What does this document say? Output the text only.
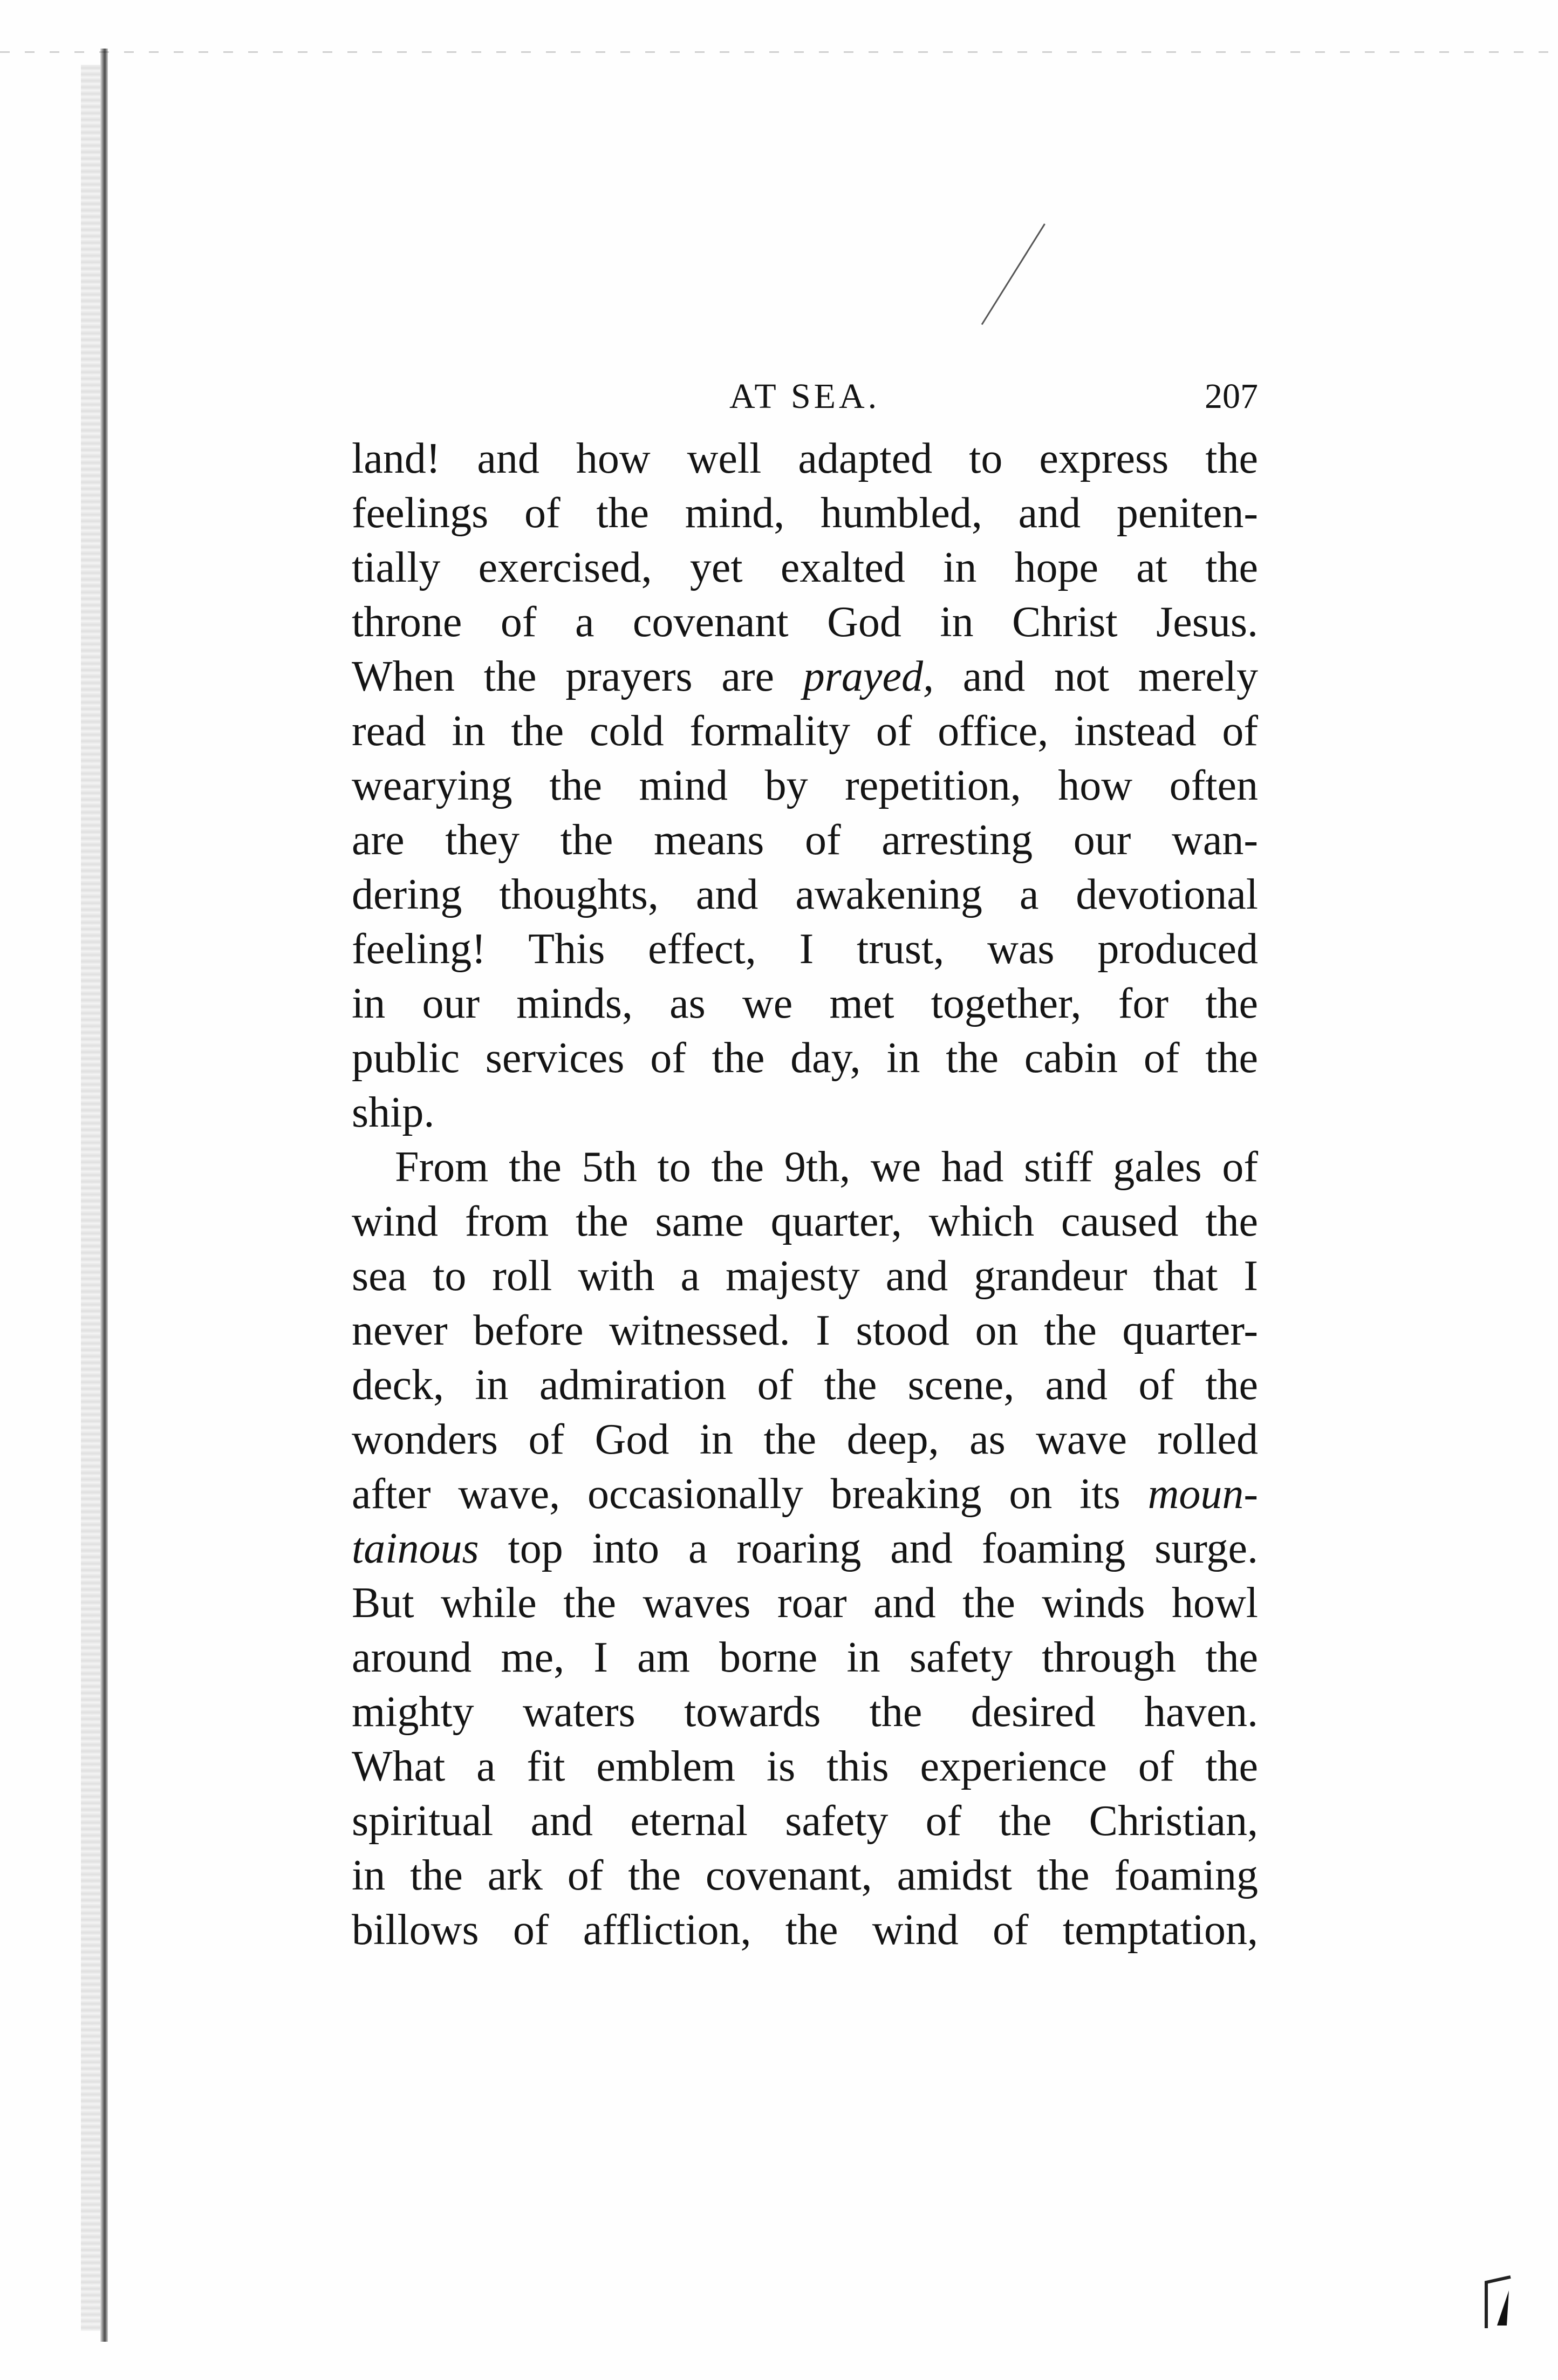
AT SEA.	207
land! and how well adapted to express the
feelings of the mind, humbled, and peniten-
tially exercised, yet exalted in hope at the
throne of a covenant God in Christ Jesus.
When the prayers are prayed, and not merely
read in the cold formality of office, instead of
wearying the mind by repetition, how often
are they the means of arresting our wan-
dering thoughts, and awakening a devotional
feeling! This effect, I trust, was produced
in our minds, as we met together, for the
public services of the day, in the cabin of the
ship.
From the 5th to the 9th, we had stiff gales of
wind from the same quarter, which caused the
sea to roll with a majesty and grandeur that I
never before witnessed. I stood on the quarter-
deck, in admiration of the scene, and of the
wonders of God in the deep, as wave rolled
after wave, occasionally breaking on its moun-
tainous top into a roaring and foaming surge.
But while the waves roar and the winds howl
around me, I am borne in safety through the
mighty waters towards the desired haven.
What a fit emblem is this experience of the
spiritual and eternal safety of the Christian,
in the ark of the covenant, amidst the foaming
billows of affliction, the wind of temptation,
